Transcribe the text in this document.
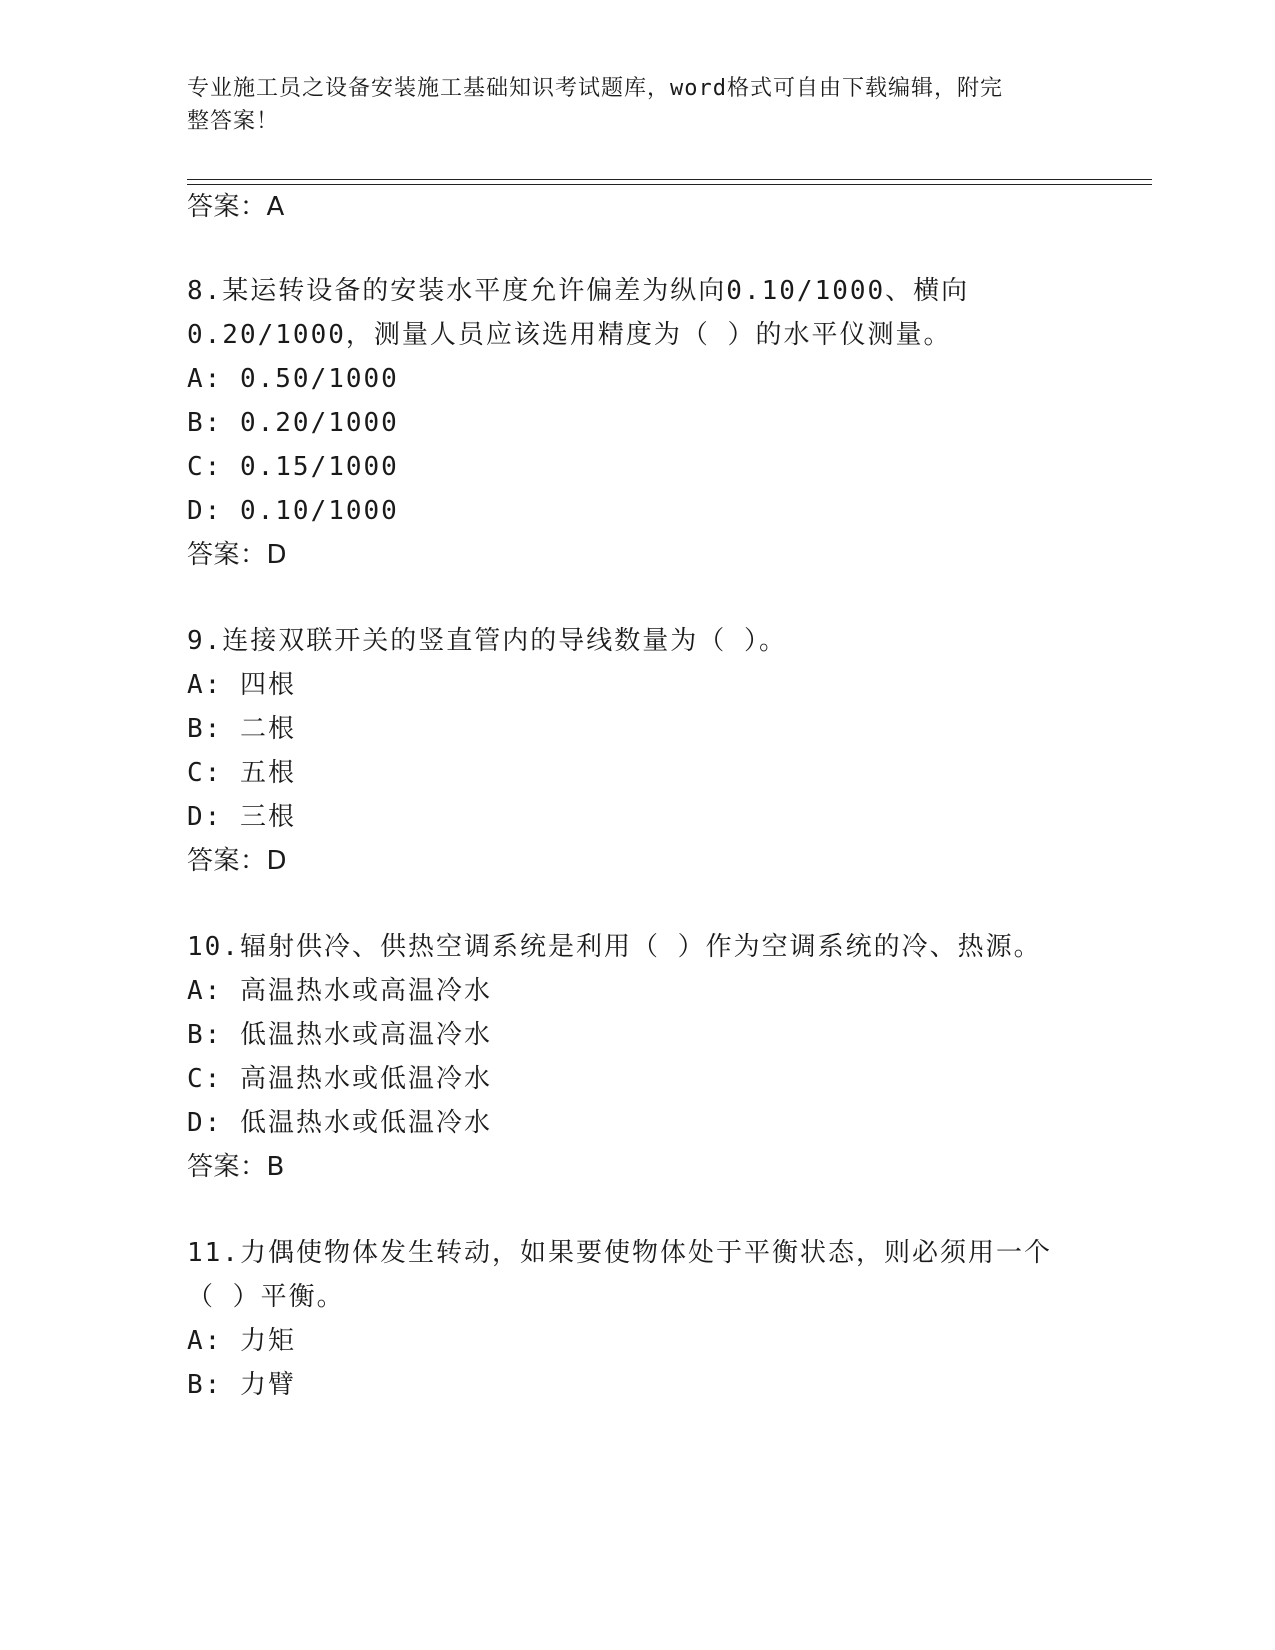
专业施工员之设备安装施工基础知识考试题库，word格式可自由下载编辑，附完
整答案！
答案：A
8.某运转设备的安装水平度允许偏差为纵向0.10/1000、横向
0.20/1000，测量人员应该选用精度为（ ）的水平仪测量。
A: 0.50/1000
B: 0.20/1000
C: 0.15/1000
D: 0.10/1000
答案：D
9.连接双联开关的竖直管内的导线数量为（ ）。
A: 四根
B: 二根
C: 五根
D: 三根
答案：D
10.辐射供冷、供热空调系统是利用（ ）作为空调系统的冷、热源。
A: 高温热水或高温冷水
B: 低温热水或高温冷水
C: 高温热水或低温冷水
D: 低温热水或低温冷水
答案：B
11.力偶使物体发生转动，如果要使物体处于平衡状态，则必须用一个
（ ）平衡。
A: 力矩
B: 力臂
